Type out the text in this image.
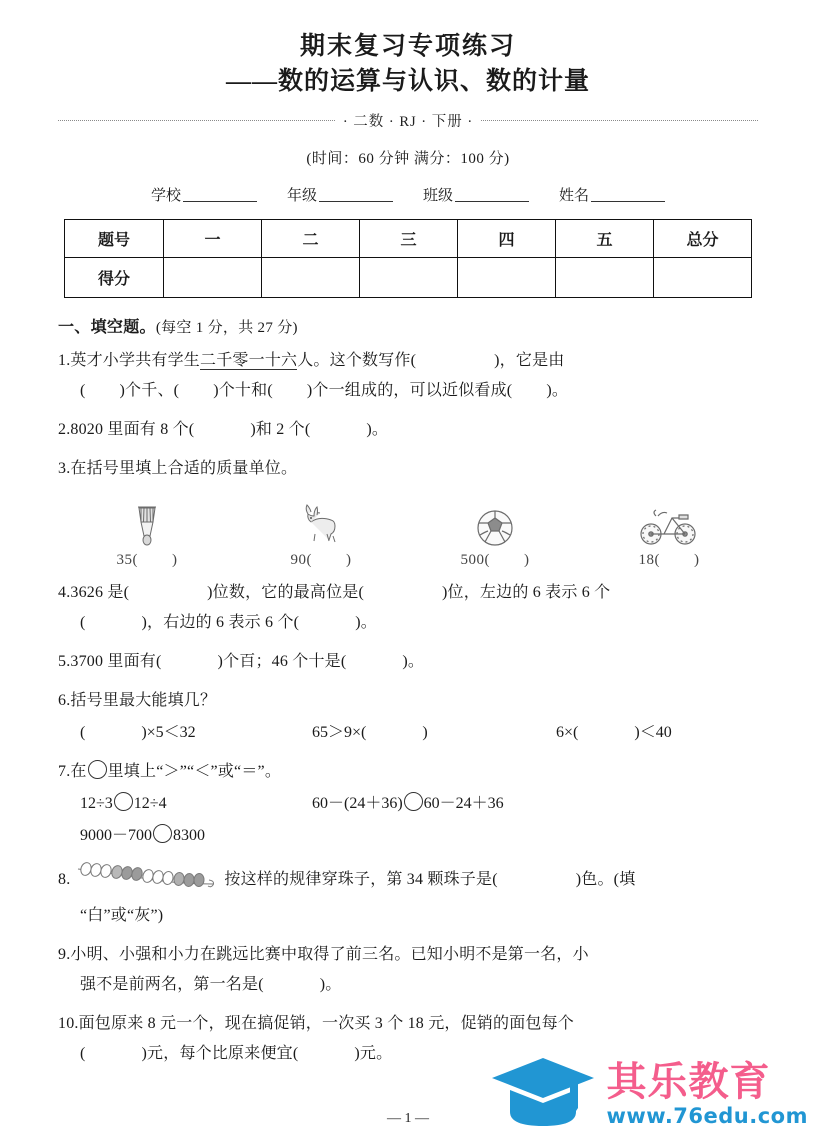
期末复习专项练习
——数的运算与认识、数的计量
· 二数 · RJ · 下册 ·
(时间：60 分钟 满分：100 分)
学校	年级	班级	姓名
题号	一	二	三	四	五	总分
得分						
一、填空题。(每空 1 分，共 27 分)
1.英才小学共有学生二千零一十六人。这个数写作(	)，它是由
( )个千、( )个十和( )个一组成的，可以近似看成( )。
2.8020 里面有 8 个(	)和 2 个(	)。
3.在括号里填上合适的质量单位。
35( )	90( )	500( )	18( )
4.3626 是(	)位数，它的最高位是(	)位，左边的 6 表示 6 个
(	)，右边的 6 表示 6 个(	)。
5.3700 里面有(	)个百；46 个十是(	)。
6.括号里最大能填几？
(	)×5＜32	65＞9×(	)	6×(	)＜40
7.在 里填上“＞”“＜”或“＝”。
12÷3 12÷4	60－(24＋36) 60－24＋36
9000－700 8300
8.	按这样的规律穿珠子，第 34 颗珠子是(	)色。(填
“白”或“灰”)
9.小明、小强和小力在跳远比赛中取得了前三名。已知小明不是第一名，小
强不是前两名，第一名是(	)。
10.面包原来 8 元一个，现在搞促销，一次买 3 个 18 元，促销的面包每个
(	)元，每个比原来便宜(	)元。
— 1 —
其乐教育
www.76edu.com
